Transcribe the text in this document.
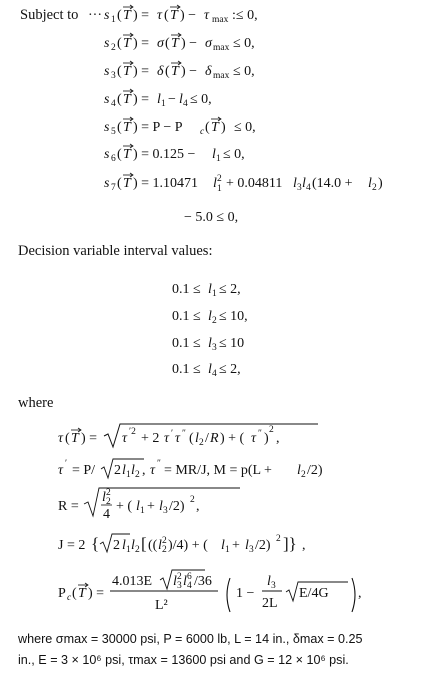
Subject to
Decision variable interval values:
where
where σmax = 30000 psi, P = 6000 lb, L = 14 in., δmax = 0.25
in., E = 3 × 10⁶ psi, τmax = 13600 psi and G = 12 × 10⁶ psi.
··· s 1 ( T ) = τ ( T ) − τ max :≤ 0,
s 2 ( T ) = σ ( T ) − σ max ≤ 0,
s 3 ( T ) = δ ( T ) − δ max ≤ 0,
s 4 ( T ) = l 1 − l 4 ≤ 0,
s 5 ( T ) = P − P c ( T ) ≤ 0,
s 6 ( T ) = 0.125 − l 1 ≤ 0,
s 7 ( T ) = 1.10471 l 2
1 + 0.04811 l 3 l 4 (14.0 + l 2 )
− 5.0 ≤ 0,
0.1 ≤ l 1 ≤ 2,
0.1 ≤ l 2 ≤ 10,
0.1 ≤ l 3 ≤ 10
0.1 ≤ l 4 ≤ 2,
τ ( T ) = τ ′2 + 2 τ ′ τ ″ ( l 2 / R ) + ( τ ″ )
2
,
τ ′ = P/ 2 l 1 l 2 , τ ″ = MR/J, M = p(L + l 2 /2)
R =
l 2
2
4
+ ( l 1 + l 3 /2) 2 ,
J = 2 { 2 l 1 l 2 [ (( l 2
2 )/4) + ( l 1 + l 3 /2) 2 ]} ,
P c ( T ) =
4.013E l 2
3 l 6
4 /36
L²
1 −
l 3
2L
E/4G ,
